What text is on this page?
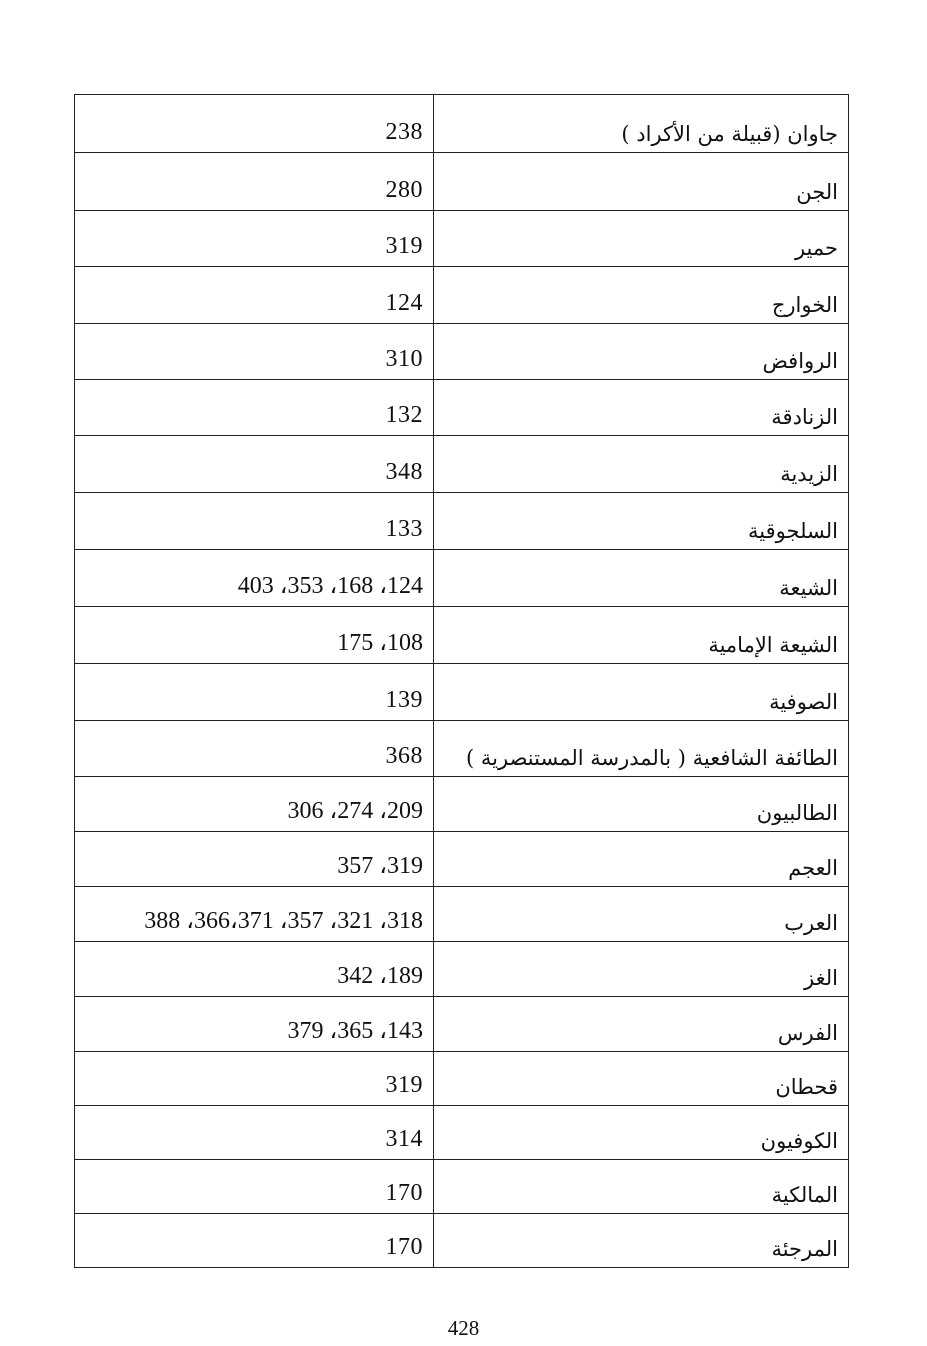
238	جاوان (قبيلة من الأكراد )
280	الجن
319	حمير
124	الخوارج
310	الروافض
132	الزنادقة
348	الزيدية
133	السلجوقية
403 ،353 ،168 ،124	الشيعة
175 ،108	الشيعة الإمامية
139	الصوفية
368	الطائفة الشافعية ( بالمدرسة المستنصرية )
306 ،274 ،209	الطالبيون
357 ،319	العجم
388 ،366،371 ،357 ،321 ،318	العرب
342 ،189	الغز
379 ،365 ،143	الفرس
319	قحطان
314	الكوفيون
170	المالكية
170	المرجئة
428
